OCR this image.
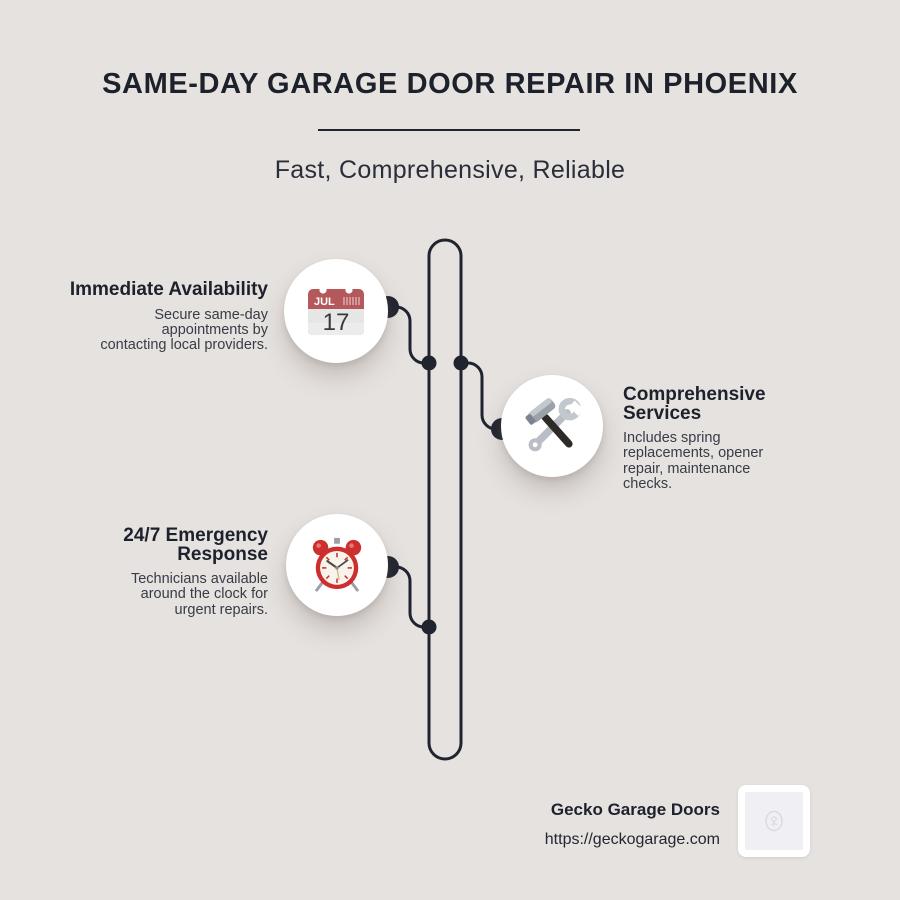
SAME-DAY GARAGE DOOR REPAIR IN PHOENIX
Fast, Comprehensive, Reliable
Immediate Availability
Secure same-day
appointments by
contacting local providers.
JUL
17
Comprehensive
Services
Includes spring
replacements, opener
repair, maintenance
checks.
24/7 Emergency
Response
Technicians available
around the clock for
urgent repairs.
Gecko Garage Doors
https://geckogarage.com
